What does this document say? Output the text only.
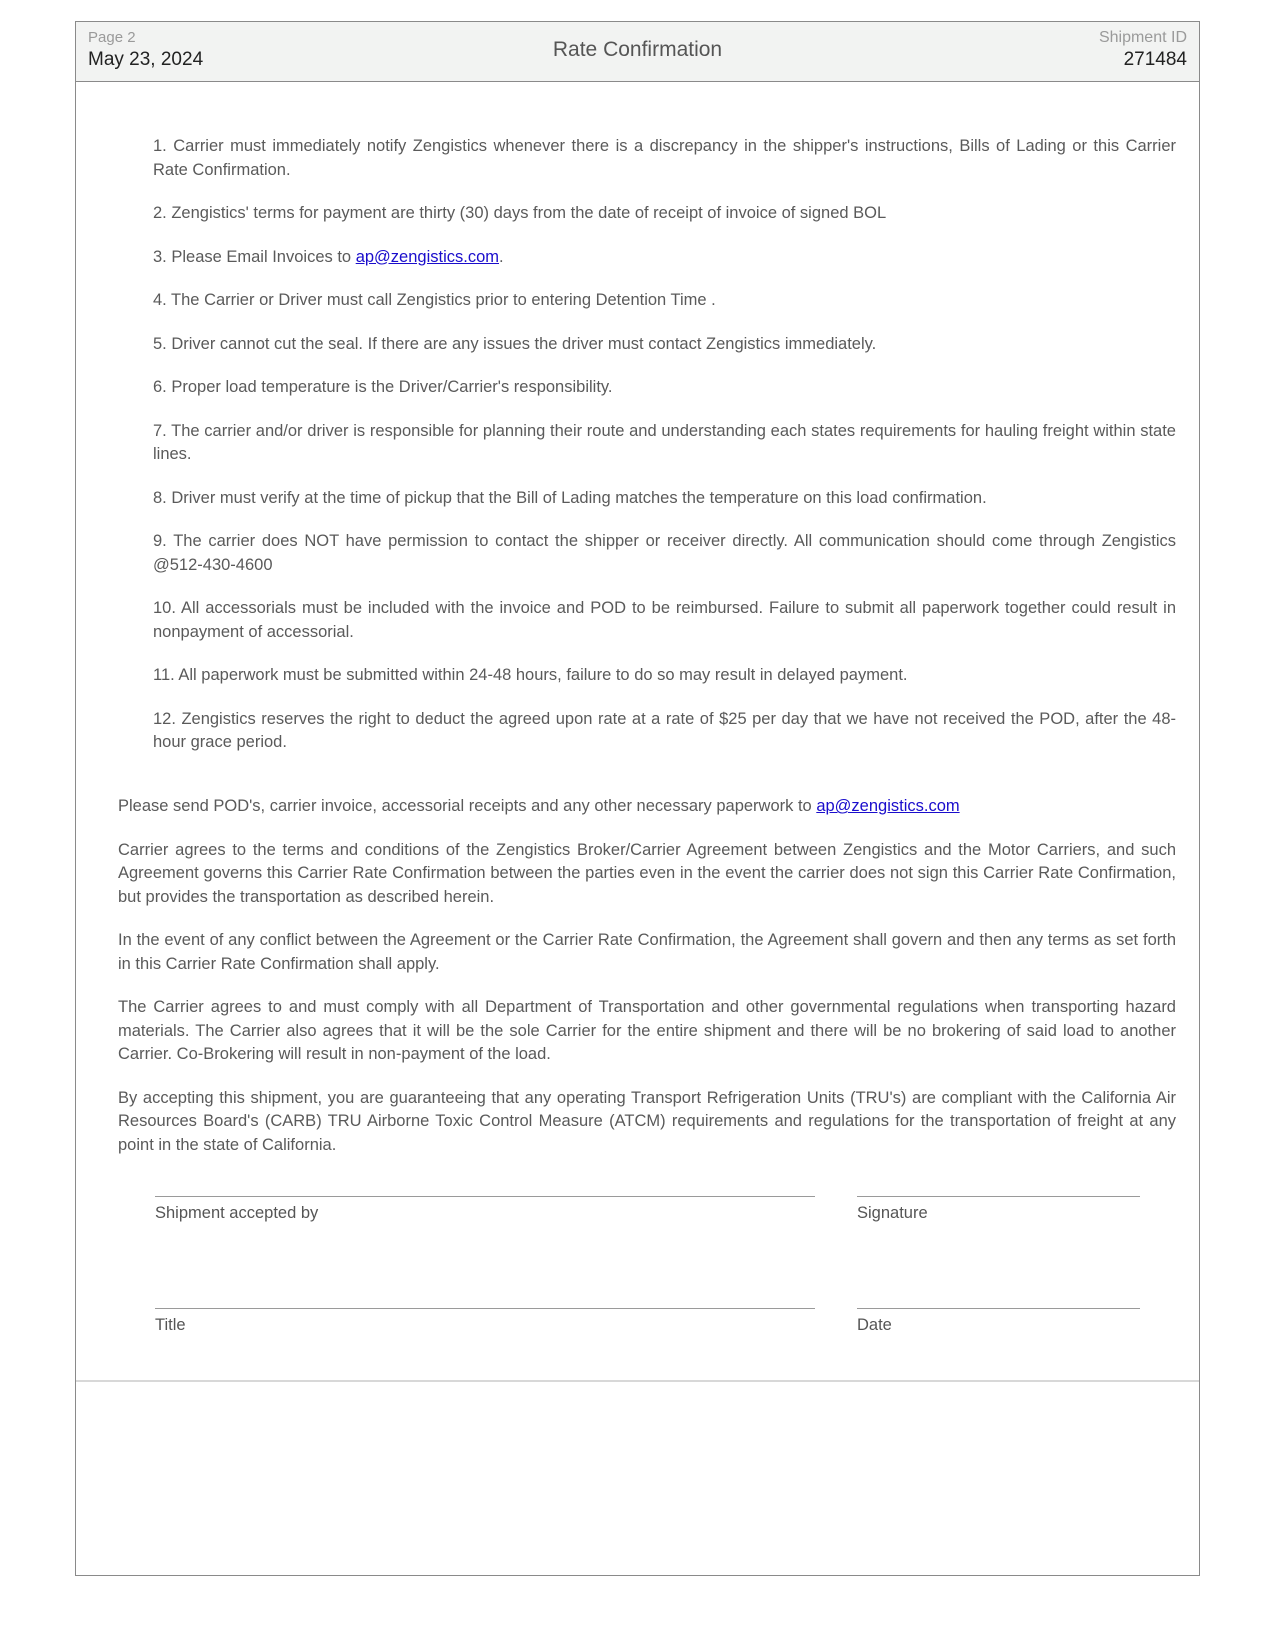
Page 2
May 23, 2024	Rate Confirmation
Shipment ID
271484
1. Carrier must immediately notify Zengistics whenever there is a discrepancy in the shipper's instructions, Bills of Lading or this Carrier Rate Confirmation.
2. Zengistics' terms for payment are thirty (30) days from the date of receipt of invoice of signed BOL
3. Please Email Invoices to ap@zengistics.com.
4. The Carrier or Driver must call Zengistics prior to entering Detention Time .
5. Driver cannot cut the seal. If there are any issues the driver must contact Zengistics immediately.
6. Proper load temperature is the Driver/Carrier's responsibility.
7. The carrier and/or driver is responsible for planning their route and understanding each states requirements for hauling freight within state lines.
8. Driver must verify at the time of pickup that the Bill of Lading matches the temperature on this load confirmation.
9. The carrier does NOT have permission to contact the shipper or receiver directly. All communication should come through Zengistics @512-430-4600
10. All accessorials must be included with the invoice and POD to be reimbursed. Failure to submit all paperwork together could result in nonpayment of accessorial.
11. All paperwork must be submitted within 24-48 hours, failure to do so may result in delayed payment.
12. Zengistics reserves the right to deduct the agreed upon rate at a rate of $25 per day that we have not received the POD, after the 48-hour grace period.

Please send POD's, carrier invoice, accessorial receipts and any other necessary paperwork to ap@zengistics.com

Carrier agrees to the terms and conditions of the Zengistics Broker/Carrier Agreement between Zengistics and the Motor Carriers, and such Agreement governs this Carrier Rate Confirmation between the parties even in the event the carrier does not sign this Carrier Rate Confirmation, but provides the transportation as described herein.

In the event of any conflict between the Agreement or the Carrier Rate Confirmation, the Agreement shall govern and then any terms as set forth in this Carrier Rate Confirmation shall apply.

The Carrier agrees to and must comply with all Department of Transportation and other governmental regulations when transporting hazard materials. The Carrier also agrees that it will be the sole Carrier for the entire shipment and there will be no brokering of said load to another Carrier. Co-Brokering will result in non-payment of the load.

By accepting this shipment, you are guaranteeing that any operating Transport Refrigeration Units (TRU's) are compliant with the California Air Resources Board's (CARB) TRU Airborne Toxic Control Measure (ATCM) requirements and regulations for the transportation of freight at any point in the state of California.

Shipment accepted by	Signature
Title	Date
